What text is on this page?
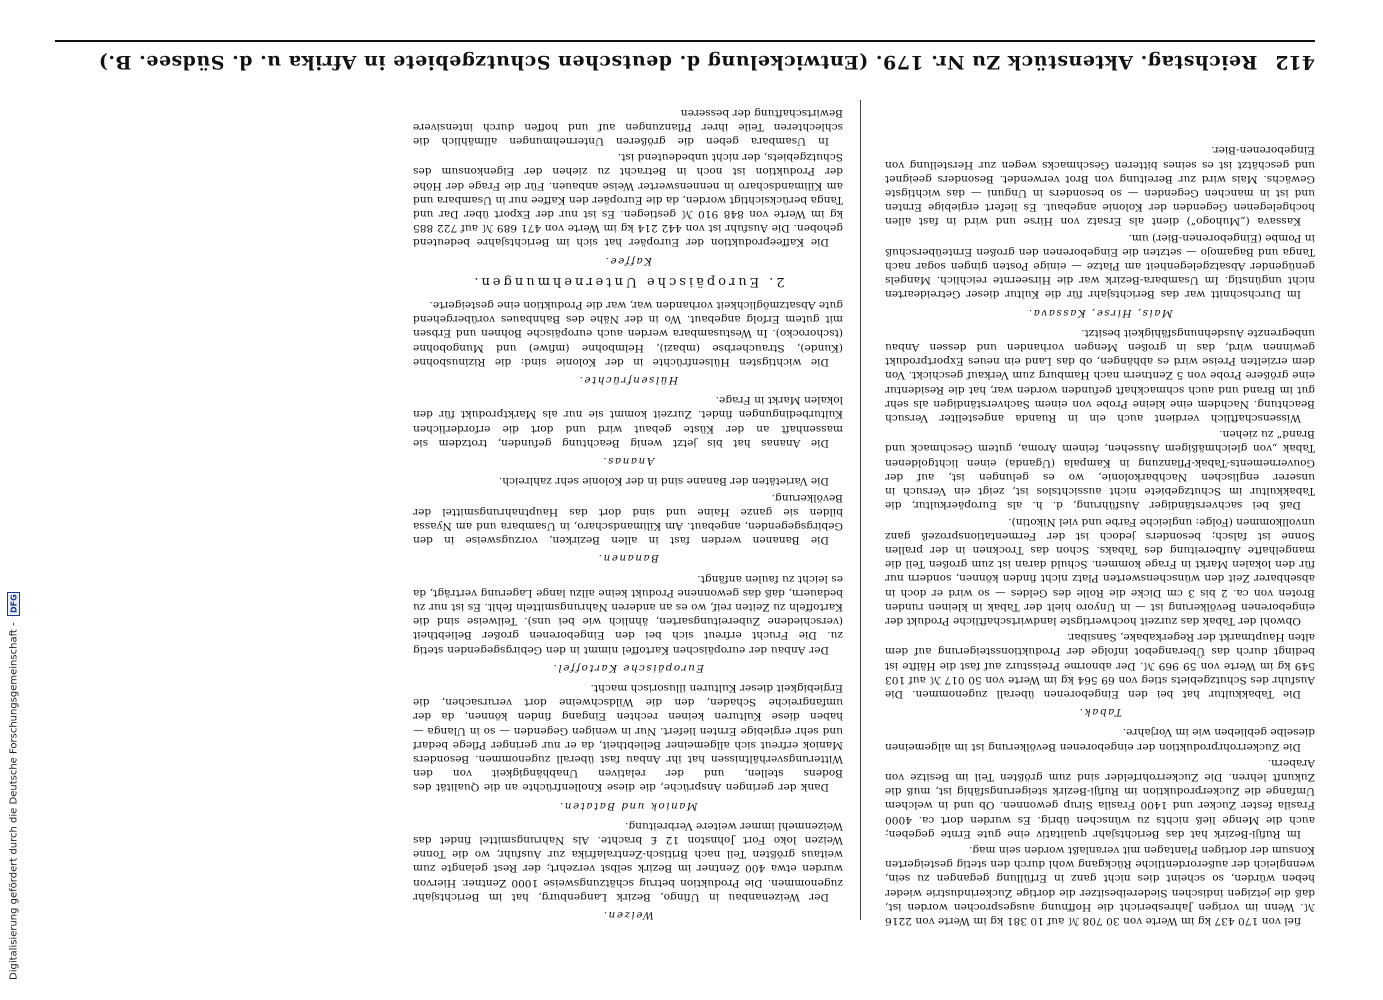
412
Reichstag. Aktenstück Zu Nr. 179. (Entwickelung d. deutschen Schutzgebiete in Afrika u. d. Südsee. B.)

fiel von 170 437 kg im Werte von 30 708 ℳ auf 10 381 kg im Werte von 2216 ℳ. Wenn im vorigen Jahresbericht die Hoffnung ausgesprochen worden ist, daß die jetzigen indischen Siedereibesitzer die dortige Zuckerindustrie wieder heben würden, so scheint dies nicht ganz in Erfüllung gegangen zu sein, wenngleich der außerordentliche Rückgang wohl durch den stetig gesteigerten Konsum der dortigen Plantagen mit veranlaßt worden sein mag.

Im Rufiji-Bezirk hat das Berichtsjahr qualitativ eine gute Ernte gegeben; auch die Menge ließ nichts zu wünschen übrig. Es wurden dort ca. 4000 Frasila fester Zucker und 1400 Frasila Sirup gewonnen. Ob und in welchem Umfange die Zuckerproduktion im Rufiji-Bezirk steigerungsfähig ist, muß die Zukunft lehren. Die Zuckerrohrfelder sind zum größten Teil im Besitze von Arabern.

Die Zuckerrohrproduktion der eingeborenen Bevölkerung ist im allgemeinen dieselbe geblieben wie im Vorjahre.

Tabak.

Die Tabakkultur hat bei den Eingeborenen überall zugenommen. Die Ausfuhr des Schutzgebiets stieg von 69 564 kg im Werte von 50 017 ℳ auf 103 549 kg im Werte von 59 969 ℳ. Der abnorme Preissturz auf fast die Hälfte ist bedingt durch das Überangebot infolge der Produktionssteigerung auf dem alten Hauptmarkt der Regerkabake, Sansibar.

Obwohl der Tabak das zurzeit hochwertigste landwirtschaftliche Produkt der eingeborenen Bevölkerung ist — in Unyoro hielt der Tabak in kleinen runden Broten von ca. 2 bis 3 cm Dicke die Rolle des Geldes — so wird er doch in absehbarer Zeit den wünschenswerten Platz nicht finden können, sondern nur für den lokalen Markt in Frage kommen. Schuld daran ist zum großen Teil die mangelhafte Aufbereitung des Tabaks. Schon das Trocknen in der prallen Sonne ist falsch; besonders jedoch ist der Fermentationsprozeß ganz unvollkommen (Folge: ungleiche Farbe und viel Nikotin).

Daß bei sachverständiger Ausführung, d. h. als Europäerkultur, die Tabakkultur im Schutzgebiete nicht aussichtslos ist, zeigt ein Versuch in unserer englischen Nachbarkolonie, wo es gelungen ist, auf der Gouvernements-Tabak-Pflanzung in Kampala (Uganda) einen lichtgoldenen Tabak „von gleichmäßigem Aussehen, feinem Aroma, gutem Geschmack und Brand“ zu ziehen.

Wissenschaftlich verdient auch ein in Ruanda angestellter Versuch Beachtung. Nachdem eine kleine Probe von einem Sachverständigen als sehr gut im Brand und auch schmackhaft gefunden worden war, hat die Residentur eine größere Probe von 5 Zentnern nach Hamburg zum Verkauf geschickt. Von dem erzielten Preise wird es abhängen, ob das Land ein neues Exportprodukt gewinnen wird, das in großen Mengen vorhanden und dessen Anbau unbegrenzte Ausdehnungsfähigkeit besitzt.

Mais, Hirse, Kassava.

Im Durchschnitt war das Berichtsjahr für die Kultur dieser Getreidearten nicht ungünstig. Im Usambara-Bezirk war die Hirseernte reichlich. Mangels genügender Absatzgelegenheit am Platze — einige Posten gingen sogar nach Tanga und Bagamojo — setzten die Eingeborenen den großen Ernteüberschuß in Pombe (Eingeborenen-Bier) um.

Kassava („Muhogo“) dient als Ersatz von Hirse und wird in fast allen hochgelegenen Gegenden der Kolonie angebaut. Es liefert ergiebige Ernten und ist in manchen Gegenden — so besonders in Unguni — das wichtigste Gewächs. Mais wird zur Bereitung von Brot verwendet. Besonders geeignet und geschätzt ist es seines bitteren Geschmacks wegen zur Herstellung von Eingeborenen-Bier.

Weizen.

Der Weizenanbau in Ufingo, Bezirk Langenburg, hat im Berichtsjahr zugenommen. Die Produktion betrug schätzungsweise 1000 Zentner. Hiervon wurden etwa 400 Zentner im Bezirk selbst verzehrt; der Rest gelangte zum weitaus größten Teil nach Britisch-Zentralafrika zur Ausfuhr, wo die Tonne Weizen loko Fort Johnston 12 £ brachte. Als Nahrungsmittel findet das Weizenmehl immer weitere Verbreitung.

Maniok und Bataten.

Dank der geringen Ansprüche, die diese Knollenfrüchte an die Qualität des Bodens stellen, und der relativen Unabhängigkeit von den Witterungsverhältnissen hat ihr Anbau fast überall zugenommen. Besonders Maniok erfreut sich allgemeiner Beliebtheit, da er nur geringer Pflege bedarf und sehr ergiebige Ernten liefert. Nur in wenigen Gegenden — so in Ulanga — haben diese Kulturen keinen rechten Eingang finden können, da der umfangreiche Schaden, den die Wildschweine dort verursachen, die Ergiebigkeit dieser Kulturen illusorisch macht.

Europäische Kartoffel.

Der Anbau der europäischen Kartoffel nimmt in den Gebirgsgegenden stetig zu. Die Frucht erfreut sich bei den Eingeborenen großer Beliebtheit (verschiedene Zubereitungsarten, ähnlich wie bei uns). Teilweise sind die Kartoffeln zu Zeiten reif, wo es an anderen Nahrungsmitteln fehlt. Es ist nur zu bedauern, daß das gewonnene Produkt keine allzu lange Lagerung verträgt, da es leicht zu faulen anfängt.

Bananen.

Die Bananen werden fast in allen Bezirken, vorzugsweise in den Gebirgsgegenden, angebaut. Am Kilimandscharo, in Usambara und am Nyassa bilden sie ganze Haine und sind dort das Hauptnahrungsmittel der Bevölkerung.

Die Varietäten der Banane sind in der Kolonie sehr zahlreich.

Ananas.

Die Ananas hat bis jetzt wenig Beachtung gefunden, trotzdem sie massenhaft an der Küste gebaut wird und dort die erforderlichen Kulturbedingungen findet. Zurzeit kommt sie nur als Marktprodukt für den lokalen Markt in Frage.

Hülsenfrüchte.

Die wichtigsten Hülsenfrüchte in der Kolonie sind: die Rizinusbohne (Kunde), Straucherbse (mbazi), Helmbohne (mfiwe) und Mungobohne (tschorocko). In Westusambara werden auch europäische Bohnen und Erbsen mit gutem Erfolg angebaut. Wo in der Nähe des Bahnbaues vorübergehend gute Absatzmöglichkeit vorhanden war, war die Produktion eine gesteigerte.

2. Europäische Unternehmungen.
Kaffee.

Die Kaffeeproduktion der Europäer hat sich im Berichtsjahre bedeutend gehoben. Die Ausfuhr ist von 442 214 kg im Werte von 471 689 ℳ auf 722 885 kg im Werte von 848 910 ℳ gestiegen. Es ist nur der Export über Dar und Tanga berücksichtigt worden, da die Europäer den Kaffee nur in Usambara und am Kilimandscharo in nennenswerter Weise anbauen. Für die Frage der Höhe der Produktion ist noch in Betracht zu ziehen der Eigenkonsum des Schutzgebiets, der nicht unbedeutend ist.

In Usambara geben die größeren Unternehmungen allmählich die schlechteren Teile ihrer Pflanzungen auf und hoffen durch intensivere Bewirtschaftung der besseren

Digitalisierung gefördert durch die Deutsche Forschungsgemeinschaft -
DFG
